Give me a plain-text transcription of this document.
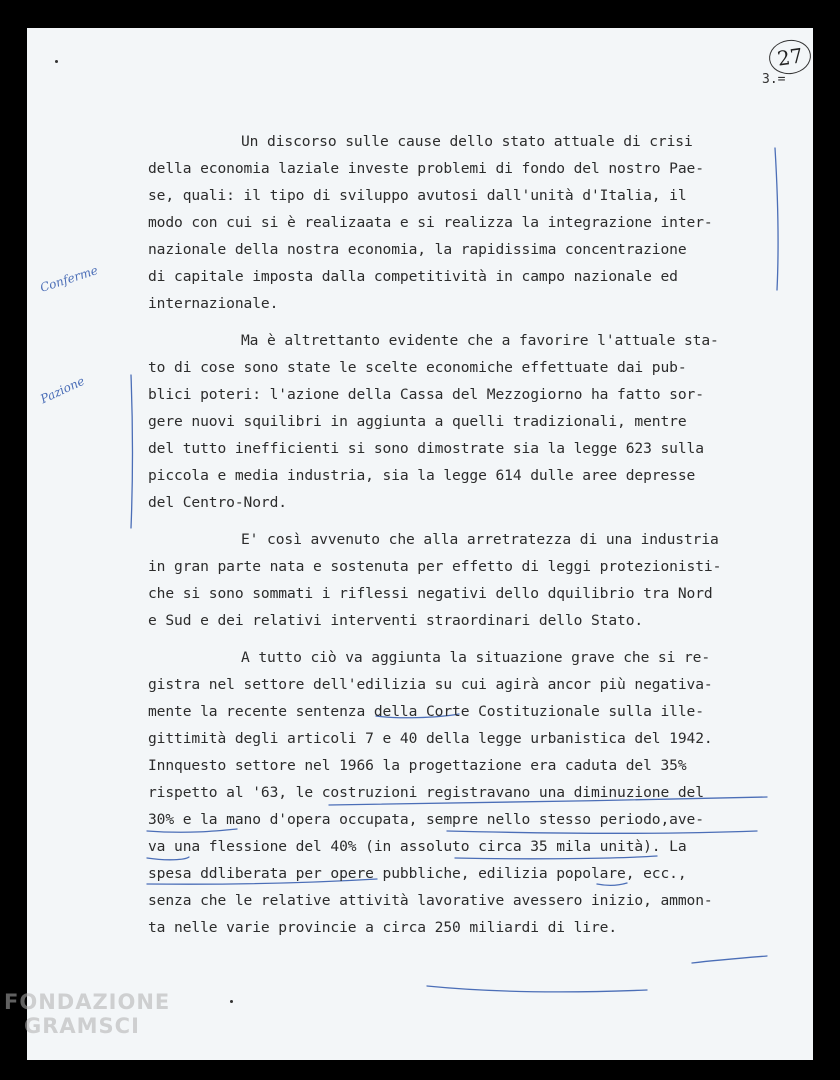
27
3.=
Conferme
Pazione
Un discorso sulle cause dello stato attuale di crisi
della economia laziale investe problemi di fondo del nostro Pae-
se, quali: il tipo di sviluppo avutosi dall'unità d'Italia, il
modo con cui si è realizaata e si realizza la integrazione inter-
nazionale della nostra economia, la rapidissima concentrazione
di capitale imposta dalla competitività in campo nazionale ed
internazionale.
Ma è altrettanto evidente che a favorire l'attuale sta-
to di cose sono state le scelte economiche effettuate dai pub-
blici poteri: l'azione della Cassa del Mezzogiorno ha fatto sor-
gere nuovi squilibri in aggiunta a quelli tradizionali, mentre
del tutto inefficienti si sono dimostrate sia la legge 623 sulla
piccola e media industria, sia la legge 614 dulle aree depresse
del Centro-Nord.
E' così avvenuto che alla arretratezza di una industria
in gran parte nata e sostenuta per effetto di leggi protezionisti-
che si sono sommati i riflessi negativi dello dquilibrio tra Nord
e Sud e dei relativi interventi straordinari dello Stato.
A tutto ciò va aggiunta la situazione grave che si re-
gistra nel settore dell'edilizia su cui agirà ancor più negativa-
mente la recente sentenza della Corte Costituzionale sulla ille-
gittimità degli articoli 7 e 40 della legge urbanistica del 1942.
Innquesto settore nel 1966 la progettazione era caduta del 35%
rispetto al '63, le costruzioni registravano una diminuzione del
30% e la mano d'opera occupata, sempre nello stesso periodo,ave-
va una flessione del 40% (in assoluto circa 35 mila unità). La
spesa ddliberata per opere pubbliche, edilizia popolare, ecc.,
senza che le relative attività lavorative avessero inizio, ammon-
ta nelle varie provincie a circa 250 miliardi di lire.
FONDAZIONE
GRAMSCI
